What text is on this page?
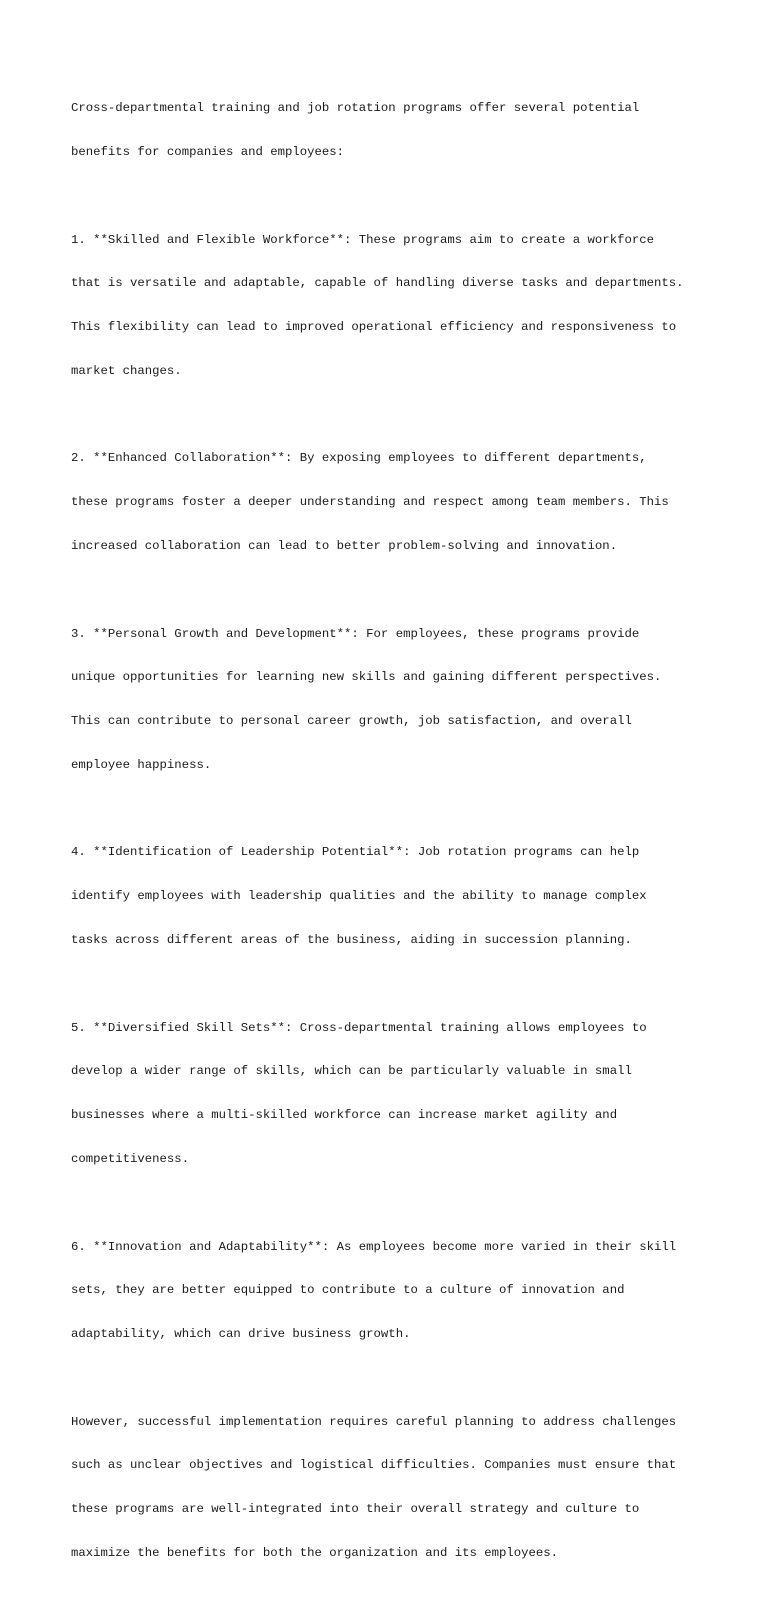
Cross-departmental training and job rotation programs offer several potential

benefits for companies and employees:

1. **Skilled and Flexible Workforce**: These programs aim to create a workforce

that is versatile and adaptable, capable of handling diverse tasks and departments.

This flexibility can lead to improved operational efficiency and responsiveness to

market changes.

2. **Enhanced Collaboration**: By exposing employees to different departments,

these programs foster a deeper understanding and respect among team members. This

increased collaboration can lead to better problem-solving and innovation.

3. **Personal Growth and Development**: For employees, these programs provide

unique opportunities for learning new skills and gaining different perspectives.

This can contribute to personal career growth, job satisfaction, and overall

employee happiness.

4. **Identification of Leadership Potential**: Job rotation programs can help

identify employees with leadership qualities and the ability to manage complex

tasks across different areas of the business, aiding in succession planning.

5. **Diversified Skill Sets**: Cross-departmental training allows employees to

develop a wider range of skills, which can be particularly valuable in small

businesses where a multi-skilled workforce can increase market agility and

competitiveness.

6. **Innovation and Adaptability**: As employees become more varied in their skill

sets, they are better equipped to contribute to a culture of innovation and

adaptability, which can drive business growth.

However, successful implementation requires careful planning to address challenges

such as unclear objectives and logistical difficulties. Companies must ensure that

these programs are well-integrated into their overall strategy and culture to

maximize the benefits for both the organization and its employees.
